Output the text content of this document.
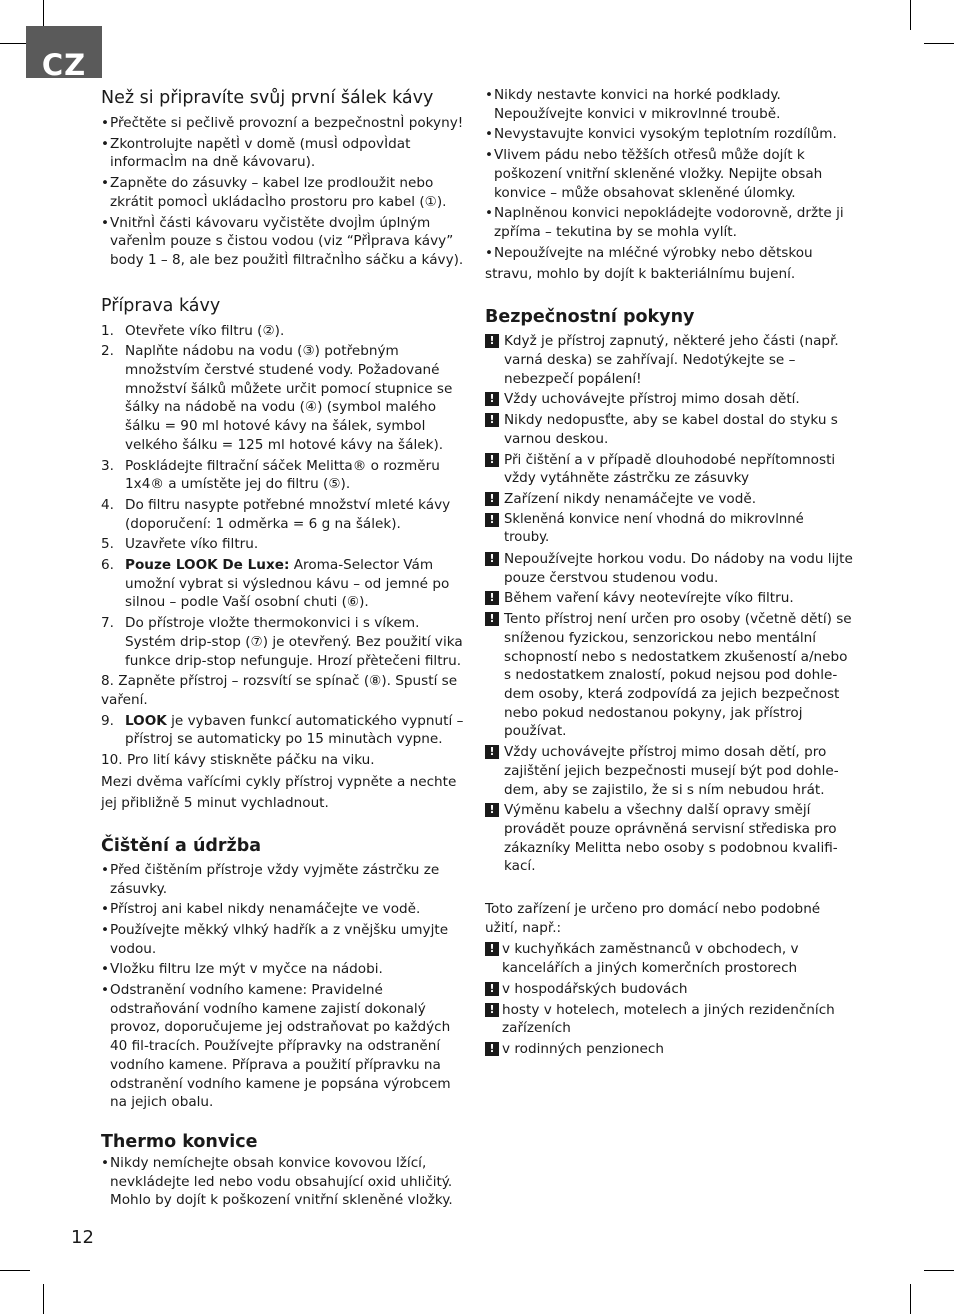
CZ
Než si připravíte svůj první šálek kávy
• Přečtěte si pečlivě provozní a bezpečnostnÌ pokyny!
• Zkontrolujte napětÌ v domě (musÌ odpovÌdat informacÌm na dně kávovaru).
• Zapněte do zásuvky – kabel lze prodloužit nebo zkrátit pomocÌ ukládacÌho prostoru pro kabel (①).
• VnitřnÌ části kávovaru vyčistěte dvojÌm úplným vařenÌm pouze s čistou vodou (viz “PřÌprava kávy” body 1 – 8, ale bez použitÌ filtračnÌho sáčku a kávy).
Příprava kávy
1. Otevřete víko filtru (②).
2. Naplňte nádobu na vodu (③) potřebným množstvím čerstvé studené vody. Požadované množství šálků můžete určit pomocí stupnice se šálky na nádobě na vodu (④) (symbol malého šálku = 90 ml hotové kávy na šálek, symbol velkého šálku = 125 ml hotové kávy na šálek).
3. Poskládejte filtrační sáček Melitta® o rozměru 1x4® a umístěte jej do filtru (⑤).
4. Do filtru nasypte potřebné množství mleté kávy (doporučení: 1 odměrka = 6 g na šálek).
5. Uzavřete víko filtru.
6. Pouze LOOK De Luxe: Aroma-Selector Vám umožní vybrat si výslednou kávu – od jemné po silnou – podle Vaší osobní chuti (⑥).
7. Do přístroje vložte thermokonvici i s víkem. Systém drip-stop (⑦) je otevřený. Bez použití vika funkce drip-stop nefunguje. Hrozí přètečeni filtru.
8. Zapněte přístroj – rozsvítí se spínač (⑧). Spustí se vaření.
9. LOOK je vybaven funkcí automatického vypnutí – přístroj se automaticky po 15 minutàch vypne.
10. Pro lití kávy stiskněte páčku na viku.
Mezi dvěma vařícími cykly přístroj vypněte a nechte jej přibližně 5 minut vychladnout.
Čištění a údržba
• Před čištěním přístroje vždy vyjměte zástrčku ze zásuvky.
• Přístroj ani kabel nikdy nenamáčejte ve vodě.
• Používejte měkký vlhký hadřík a z vnějšku umyjte vodou.
• Vložku filtru lze mýt v myčce na nádobi.
• Odstranění vodního kamene: Pravidelné odstraňování vodního kamene zajistí dokonalý provoz, doporučujeme jej odstraňovat po každých 40 fil-tracích. Používejte přípravky na odstranění vodního kamene. Příprava a použití přípravku na odstranění vodního kamene je popsána výrobcem na jejich obalu.
Thermo konvice
• Nikdy nemíchejte obsah konvice kovovou lžící, nevkládejte led nebo vodu obsahující oxid uhličitý. Mohlo by dojít k poškození vnitřní skleněné vložky.
• Nikdy nestavte konvici na horké podklady. Nepoužívejte konvici v mikrovlnné troubě.
• Nevystavujte konvici vysokým teplotním rozdílům.
• Vlivem pádu nebo těžších otřesů může dojít k poškození vnitřní skleněné vložky. Nepijte obsah konvice – může obsahovat skleněné úlomky.
• Naplněnou konvici nepokládejte vodorovně, držte ji zpříma – tekutina by se mohla vylít.
• Nepoužívejte na mléčné výrobky nebo dětskou
stravu, mohlo by dojít k bakteriálnímu bujení.
Bezpečnostní pokyny
! Když je přístroj zapnutý, některé jeho části (např. varná deska) se zahřívají. Nedotýkejte se – nebezpečí popálení!
! Vždy uchovávejte přístroj mimo dosah dětí.
! Nikdy nedopusťte, aby se kabel dostal do styku s varnou deskou.
! Při čištění a v případě dlouhodobé nepřítomnosti vždy vytáhněte zástrčku ze zásuvky
! Zařízení nikdy nenamáčejte ve vodě.
! Skleněná konvice není vhodná do mikrovlnné trouby.
! Nepoužívejte horkou vodu. Do nádoby na vodu lijte pouze čerstvou studenou vodu.
! Během vaření kávy neotevírejte víko filtru.
! Tento přístroj není určen pro osoby (včetně dětí) se sníženou fyzickou, senzorickou nebo mentální schopností nebo s nedostatkem zkušeností a/nebo s nedostatkem znalostí, pokud nejsou pod dohle-dem osoby, která zodpovídá za jejich bezpečnost nebo pokud nedostanou pokyny, jak přístroj používat.
! Vždy uchovávejte přístroj mimo dosah dětí, pro zajištění jejich bezpečnosti musejí být pod dohle-dem, aby se zajistilo, že si s ním nebudou hrát.
! Výměnu kabelu a všechny další opravy smějí provádět pouze oprávněná servisní střediska pro zákazníky Melitta nebo osoby s podobnou kvalifi-kací.
Toto zařízení je určeno pro domácí nebo podobné užití, např.:
! v kuchyňkách zaměstnanců v obchodech, v kancelářích a jiných komerčních prostorech
! v hospodářských budovách
! hosty v hotelech, motelech a jiných rezidenčních zařízeních
! v rodinných penzionech
12
